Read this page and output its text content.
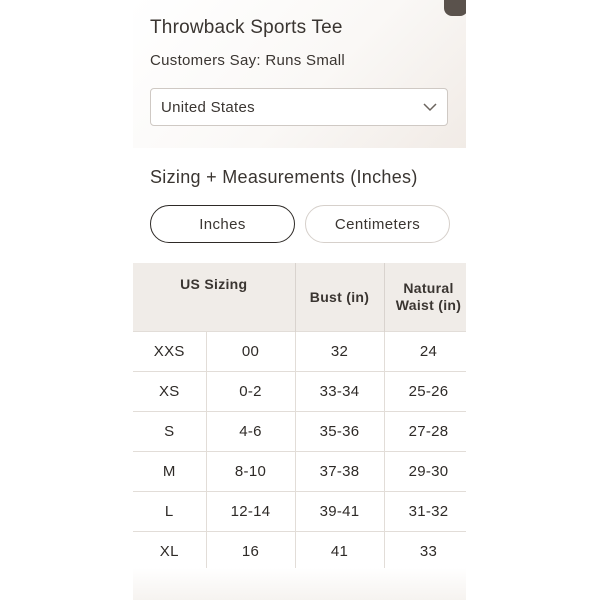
Throwback Sports Tee
Customers Say: Runs Small
United States
Sizing + Measurements (Inches)
Inches	Centimeters
US Sizing		Bust (in)	Natural
Waist (in)
XXS	00	32	24
XS	0-2	33-34	25-26
S	4-6	35-36	27-28
M	8-10	37-38	29-30
L	12-14	39-41	31-32
XL	16	41	33
